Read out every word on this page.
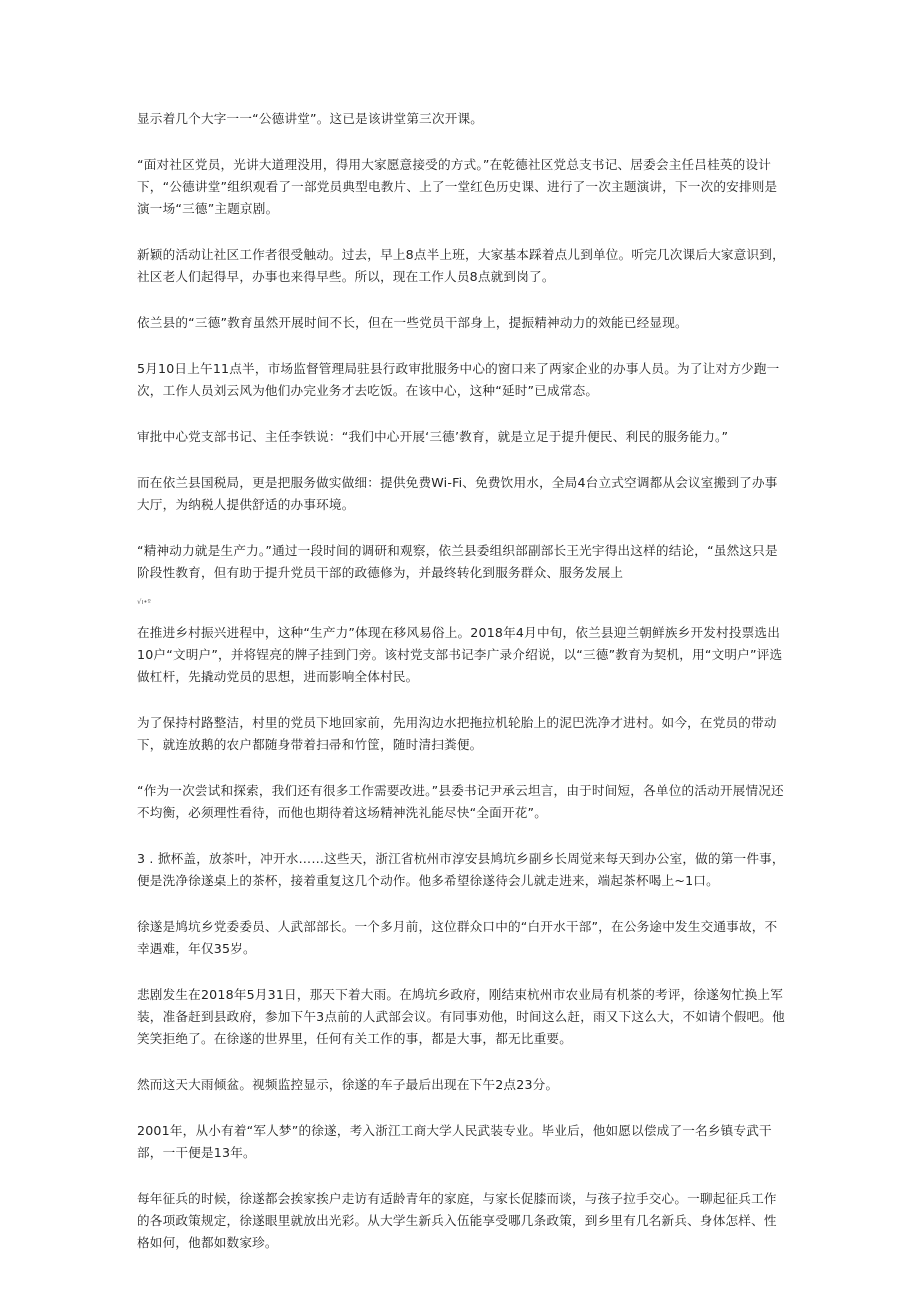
显示着几个大字一一“公德讲堂”。这已是该讲堂第三次开课。

“面对社区党员，光讲大道理没用，得用大家愿意接受的方式。”在乾德社区党总支书记、居委会主任吕桂英的设计下，“公德讲堂”组织观看了一部党员典型电教片、上了一堂红色历史课、进行了一次主题演讲，下一次的安排则是演一场“三德”主题京剧。

新颖的活动让社区工作者很受触动。过去，早上8点半上班，大家基本踩着点儿到单位。听完几次课后大家意识到，社区老人们起得早，办事也来得早些。所以，现在工作人员8点就到岗了。

依兰县的“三德”教育虽然开展时间不长，但在一些党员干部身上，提振精神动力的效能已经显现。

5月10日上午11点半，市场监督管理局驻县行政审批服务中心的窗口来了两家企业的办事人员。为了让对方少跑一次，工作人员刘云风为他们办完业务才去吃饭。在该中心，这种“延时”已成常态。

审批中心党支部书记、主任李铁说：“我们中心开展‘三德’教育，就是立足于提升便民、利民的服务能力。”

而在依兰县国税局，更是把服务做实做细：提供免费Wi-Fi、免费饮用水，全局4台立式空调都从会议室搬到了办事大厅，为纳税人提供舒适的办事环境。

“精神动力就是生产力。”通过一段时间的调研和观察，依兰县委组织部副部长王光宇得出这样的结论，“虽然这只是阶段性教育，但有助于提升党员干部的政德修为，并最终转化到服务群众、服务发展上

√ı•º

在推进乡村振兴进程中，这种“生产力”体现在移风易俗上。2018年4月中旬，依兰县迎兰朝鲜族乡开发村投票选出10户“文明户”，并将锃亮的牌子挂到门旁。该村党支部书记李广录介绍说，以“三德”教育为契机，用“文明户”评选做杠杆，先撬动党员的思想，进而影响全体村民。

为了保持村路整洁，村里的党员下地回家前，先用沟边水把拖拉机轮胎上的泥巴洗净才进村。如今，在党员的带动下，就连放鹅的农户都随身带着扫帚和竹筐，随时清扫粪便。

“作为一次尝试和探索，我们还有很多工作需要改进。”县委书记尹承云坦言，由于时间短，各单位的活动开展情况还不均衡，必须理性看待，而他也期待着这场精神洗礼能尽快“全面开花”。

3 . 掀杯盖，放茶叶，冲开水……这些天，浙江省杭州市淳安县鸠坑乡副乡长周觉来每天到办公室，做的第一件事，便是洗净徐遂桌上的茶杯，接着重复这几个动作。他多希望徐遂待会儿就走进来，端起茶杯喝上~1口。

徐遂是鸠坑乡党委委员、人武部部长。一个多月前，这位群众口中的“白开水干部”，在公务途中发生交通事故，不幸遇难，年仅35岁。

悲剧发生在2018年5月31日，那天下着大雨。在鸠坑乡政府，刚结束杭州市农业局有机茶的考评，徐遂匆忙换上军装，准备赶到县政府，参加下午3点前的人武部会议。有同事劝他，时间这么赶，雨又下这么大，不如请个假吧。他笑笑拒绝了。在徐遂的世界里，任何有关工作的事，都是大事，都无比重要。

然而这天大雨倾盆。视频监控显示，徐遂的车子最后出现在下午2点23分。

2001年，从小有着“军人梦”的徐遂，考入浙江工商大学人民武装专业。毕业后，他如愿以偿成了一名乡镇专武干部，一干便是13年。

每年征兵的时候，徐遂都会挨家挨户走访有适龄青年的家庭，与家长促膝而谈，与孩子拉手交心。一聊起征兵工作的各项政策规定，徐遂眼里就放出光彩。从大学生新兵入伍能享受哪几条政策，到乡里有几名新兵、身体怎样、性格如何，他都如数家珍。
